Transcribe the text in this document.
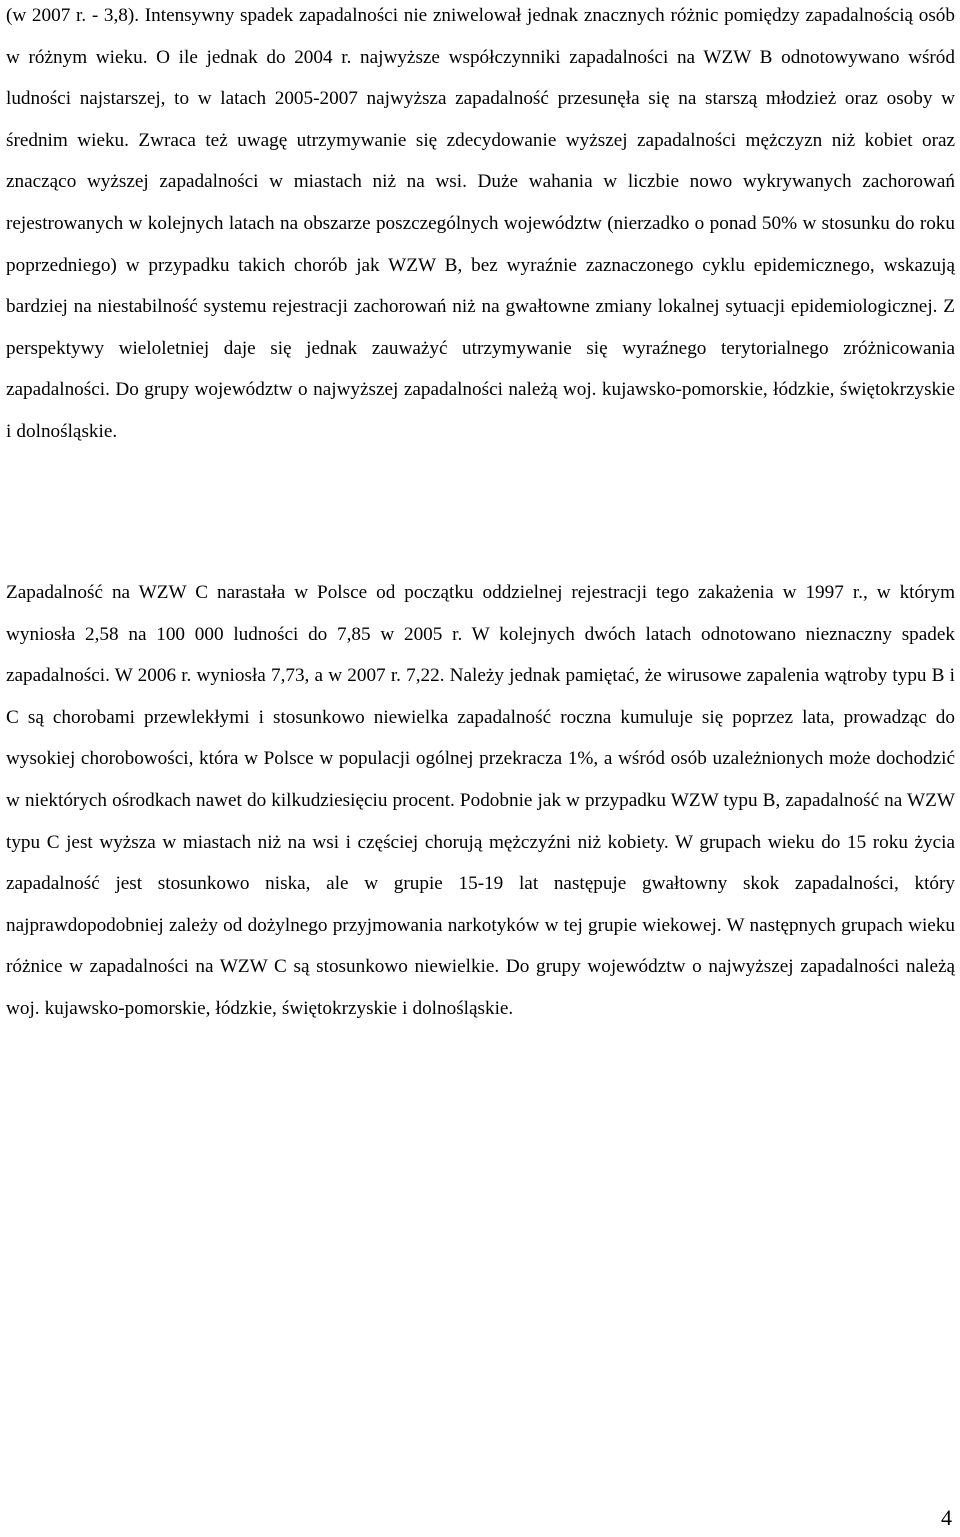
(w 2007 r. - 3,8). Intensywny spadek zapadalności nie zniwelował jednak znacznych różnic pomiędzy zapadalnością osób w różnym wieku. O ile jednak do 2004 r. najwyższe współczynniki zapadalności na WZW B odnotowywano wśród ludności najstarszej, to w latach 2005-2007 najwyższa zapadalność przesunęła się na starszą młodzież oraz osoby w średnim wieku. Zwraca też uwagę utrzymywanie się zdecydowanie wyższej zapadalności mężczyzn niż kobiet oraz znacząco wyższej zapadalności w miastach niż na wsi. Duże wahania w liczbie nowo wykrywanych zachorowań rejestrowanych w kolejnych latach na obszarze poszczególnych województw (nierzadko o ponad 50% w stosunku do roku poprzedniego) w przypadku takich chorób jak WZW B, bez wyraźnie zaznaczonego cyklu epidemicznego, wskazują bardziej na niestabilność systemu rejestracji zachorowań niż na gwałtowne zmiany lokalnej sytuacji epidemiologicznej. Z perspektywy wieloletniej daje się jednak zauważyć utrzymywanie się wyraźnego terytorialnego zróżnicowania zapadalności. Do grupy województw o najwyższej zapadalności należą woj. kujawsko-pomorskie, łódzkie, świętokrzyskie i dolnośląskie.

Zapadalność na WZW C narastała w Polsce od początku oddzielnej rejestracji tego zakażenia w 1997 r., w którym wyniosła 2,58 na 100 000 ludności do 7,85 w 2005 r. W kolejnych dwóch latach odnotowano nieznaczny spadek zapadalności. W 2006 r. wyniosła 7,73, a w 2007 r. 7,22. Należy jednak pamiętać, że wirusowe zapalenia wątroby typu B i C są chorobami przewlekłymi i stosunkowo niewielka zapadalność roczna kumuluje się poprzez lata, prowadząc do wysokiej chorobowości, która w Polsce w populacji ogólnej przekracza 1%, a wśród osób uzależnionych może dochodzić w niektórych ośrodkach nawet do kilkudziesięciu procent. Podobnie jak w przypadku WZW typu B, zapadalność na WZW typu C jest wyższa w miastach niż na wsi i częściej chorują mężczyźni niż kobiety. W grupach wieku do 15 roku życia zapadalność jest stosunkowo niska, ale w grupie 15-19 lat następuje gwałtowny skok zapadalności, który najprawdopodobniej zależy od dożylnego przyjmowania narkotyków w tej grupie wiekowej. W następnych grupach wieku różnice w zapadalności na WZW C są stosunkowo niewielkie. Do grupy województw o najwyższej zapadalności należą woj. kujawsko-pomorskie, łódzkie, świętokrzyskie i dolnośląskie.

4
